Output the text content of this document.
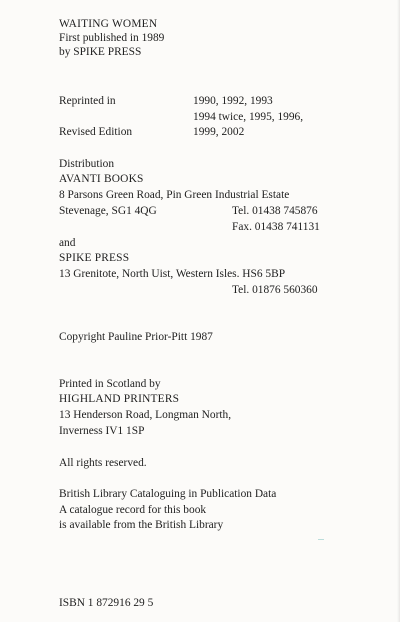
WAITING WOMEN
First published in 1989
by SPIKE PRESS
Reprinted in	1990, 1992, 1993
1994 twice, 1995, 1996,
Revised Edition	1999, 2002
Distribution
AVANTI BOOKS
8 Parsons Green Road, Pin Green Industrial Estate
Stevenage, SG1 4QG	Tel. 01438 745876
Fax. 01438 741131
and
SPIKE PRESS
13 Grenitote, North Uist, Western Isles. HS6 5BP
Tel. 01876 560360
Copyright Pauline Prior-Pitt 1987
Printed in Scotland by
HIGHLAND PRINTERS
13 Henderson Road, Longman North,
Inverness IV1 1SP
All rights reserved.
British Library Cataloguing in Publication Data
A catalogue record for this book
is available from the British Library
ISBN 1 872916 29 5
